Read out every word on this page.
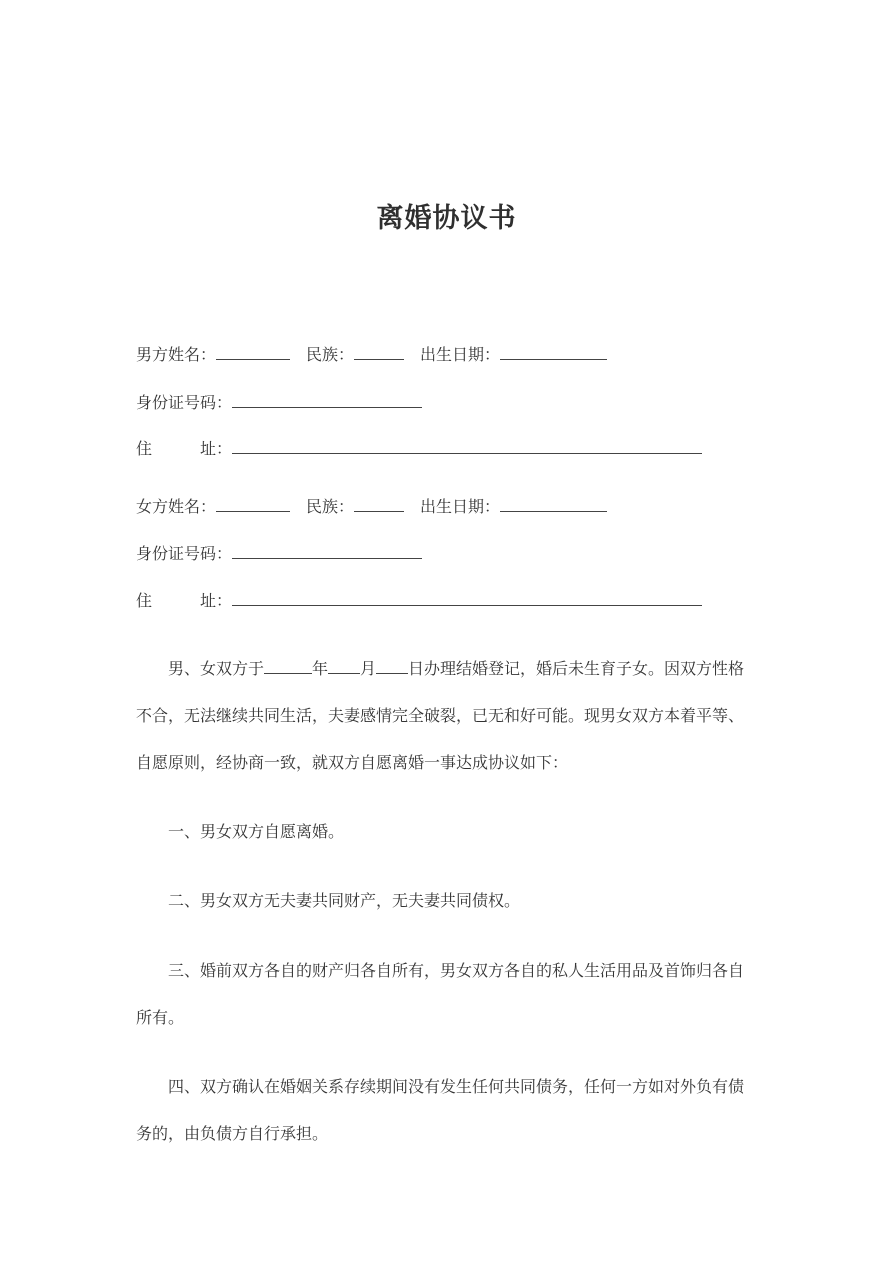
离婚协议书
男方姓名：	民族：	出生日期：
身份证号码：
住	址：
女方姓名：	民族：	出生日期：
身份证号码：
住	址：
男、女双方于	年 月 日办理结婚登记，婚后未生育子女。因双方性格
不合，无法继续共同生活，夫妻感情完全破裂，已无和好可能。现男女双方本着平等、
自愿原则，经协商一致，就双方自愿离婚一事达成协议如下：
一、男女双方自愿离婚。
二、男女双方无夫妻共同财产，无夫妻共同债权。
三、婚前双方各自的财产归各自所有，男女双方各自的私人生活用品及首饰归各自
所有。
四、双方确认在婚姻关系存续期间没有发生任何共同债务，任何一方如对外负有债
务的，由负债方自行承担。
